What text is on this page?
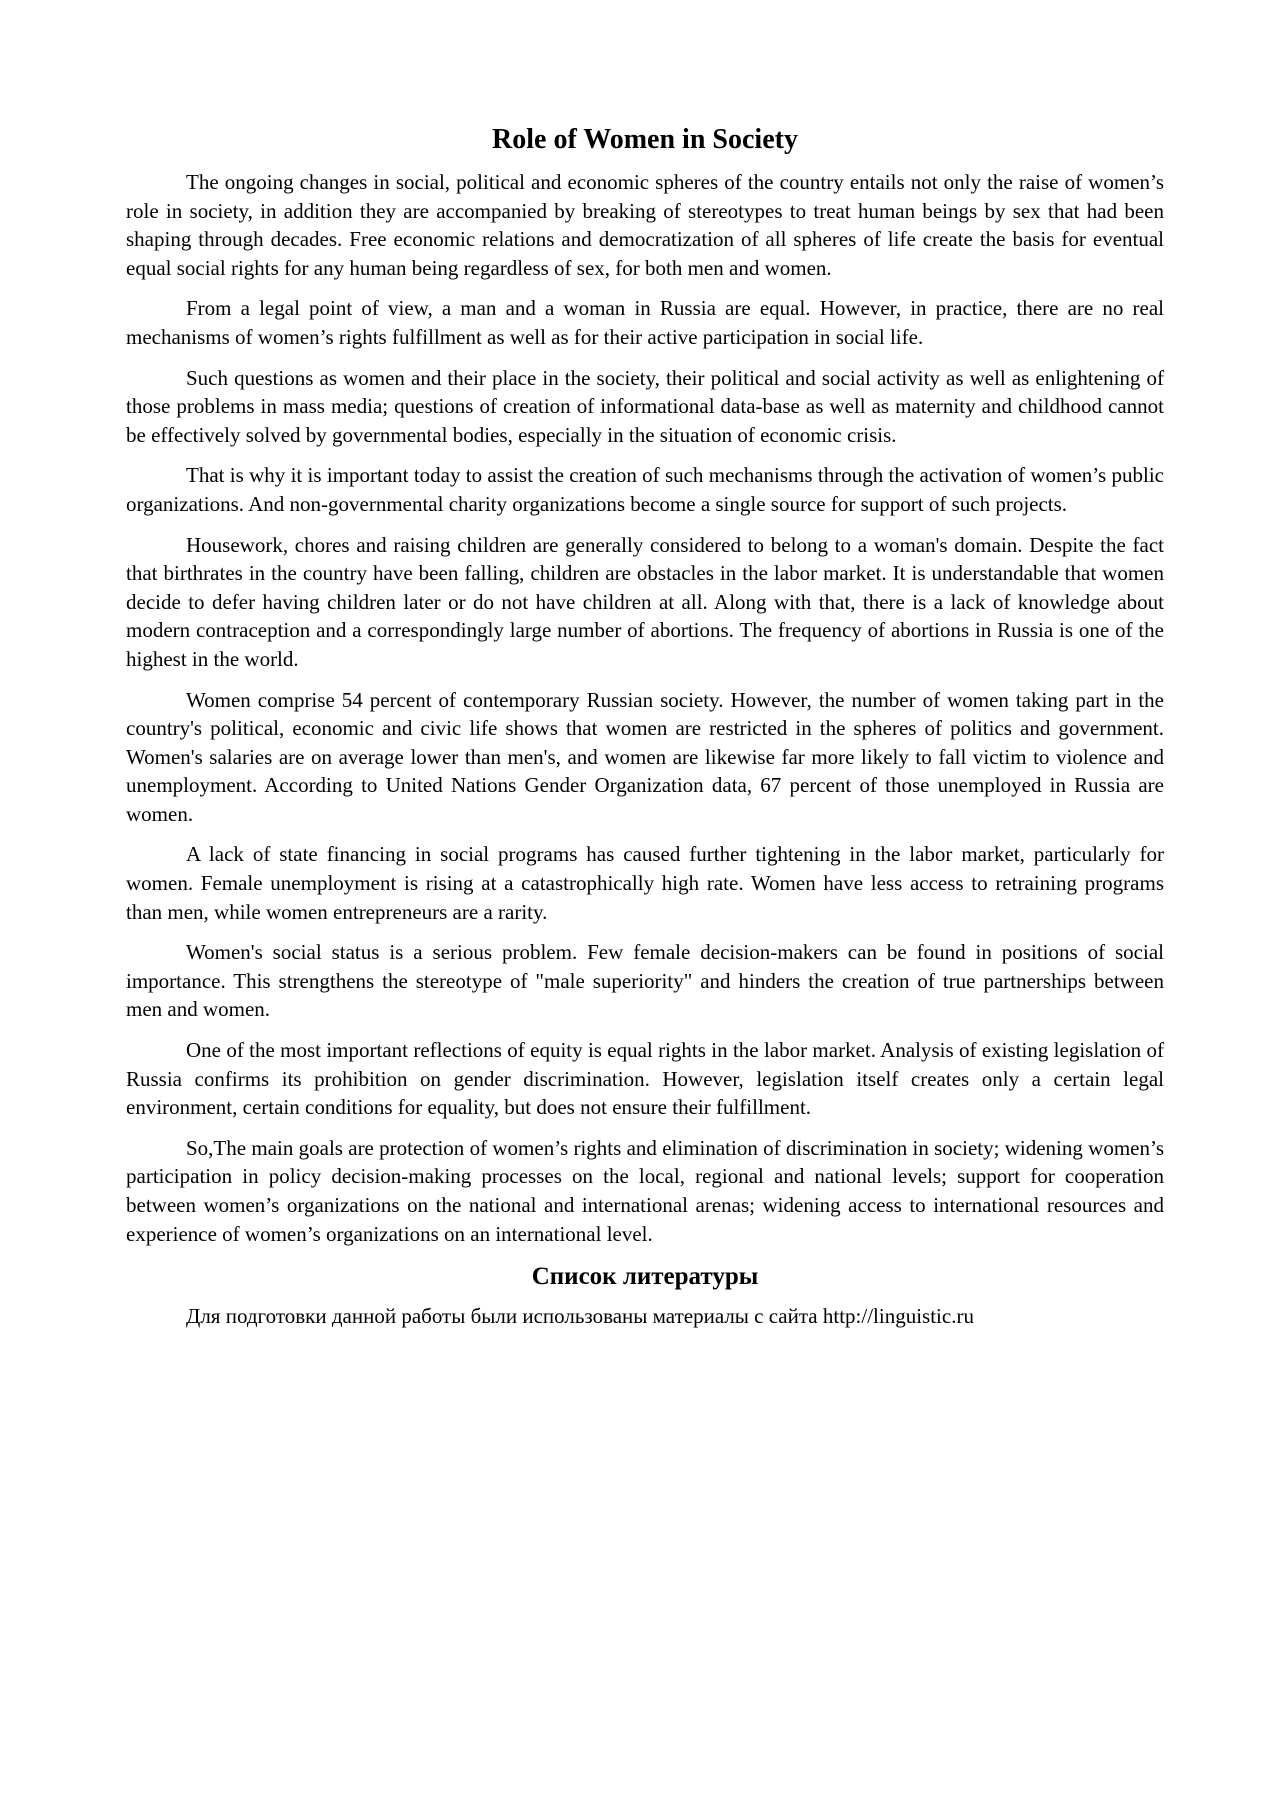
Role of Women in Society

The ongoing changes in social, political and economic spheres of the country entails not only the raise of women’s role in society, in addition they are accompanied by breaking of stereotypes to treat human beings by sex that had been shaping through decades. Free economic relations and democratization of all spheres of life create the basis for eventual equal social rights for any human being regardless of sex, for both men and women.

From a legal point of view, a man and a woman in Russia are equal. However, in practice, there are no real mechanisms of women’s rights fulfillment as well as for their active participation in social life.

Such questions as women and their place in the society, their political and social activity as well as enlightening of those problems in mass media; questions of creation of informational data-base as well as maternity and childhood cannot be effectively solved by governmental bodies, especially in the situation of economic crisis.

That is why it is important today to assist the creation of such mechanisms through the activation of women’s public organizations. And non-governmental charity organizations become a single source for support of such projects.

Housework, chores and raising children are generally considered to belong to a woman's domain. Despite the fact that birthrates in the country have been falling, children are obstacles in the labor market. It is understandable that women decide to defer having children later or do not have children at all. Along with that, there is a lack of knowledge about modern contraception and a correspondingly large number of abortions. The frequency of abortions in Russia is one of the highest in the world.

Women comprise 54 percent of contemporary Russian society. However, the number of women taking part in the country's political, economic and civic life shows that women are restricted in the spheres of politics and government. Women's salaries are on average lower than men's, and women are likewise far more likely to fall victim to violence and unemployment. According to United Nations Gender Organization data, 67 percent of those unemployed in Russia are women.

A lack of state financing in social programs has caused further tightening in the labor market, particularly for women. Female unemployment is rising at a catastrophically high rate. Women have less access to retraining programs than men, while women entrepreneurs are a rarity.

Women's social status is a serious problem. Few female decision-makers can be found in positions of social importance. This strengthens the stereotype of "male superiority" and hinders the creation of true partnerships between men and women.

One of the most important reflections of equity is equal rights in the labor market. Analysis of existing legislation of Russia confirms its prohibition on gender discrimination. However, legislation itself creates only a certain legal environment, certain conditions for equality, but does not ensure their fulfillment.

So,The main goals are protection of women’s rights and elimination of discrimination in society; widening women’s participation in policy decision-making processes on the local, regional and national levels; support for cooperation between women’s organizations on the national and international arenas; widening access to international resources and experience of women’s organizations on an international level.

Список литературы

Для подготовки данной работы были использованы материалы с сайта http://linguistic.ru
